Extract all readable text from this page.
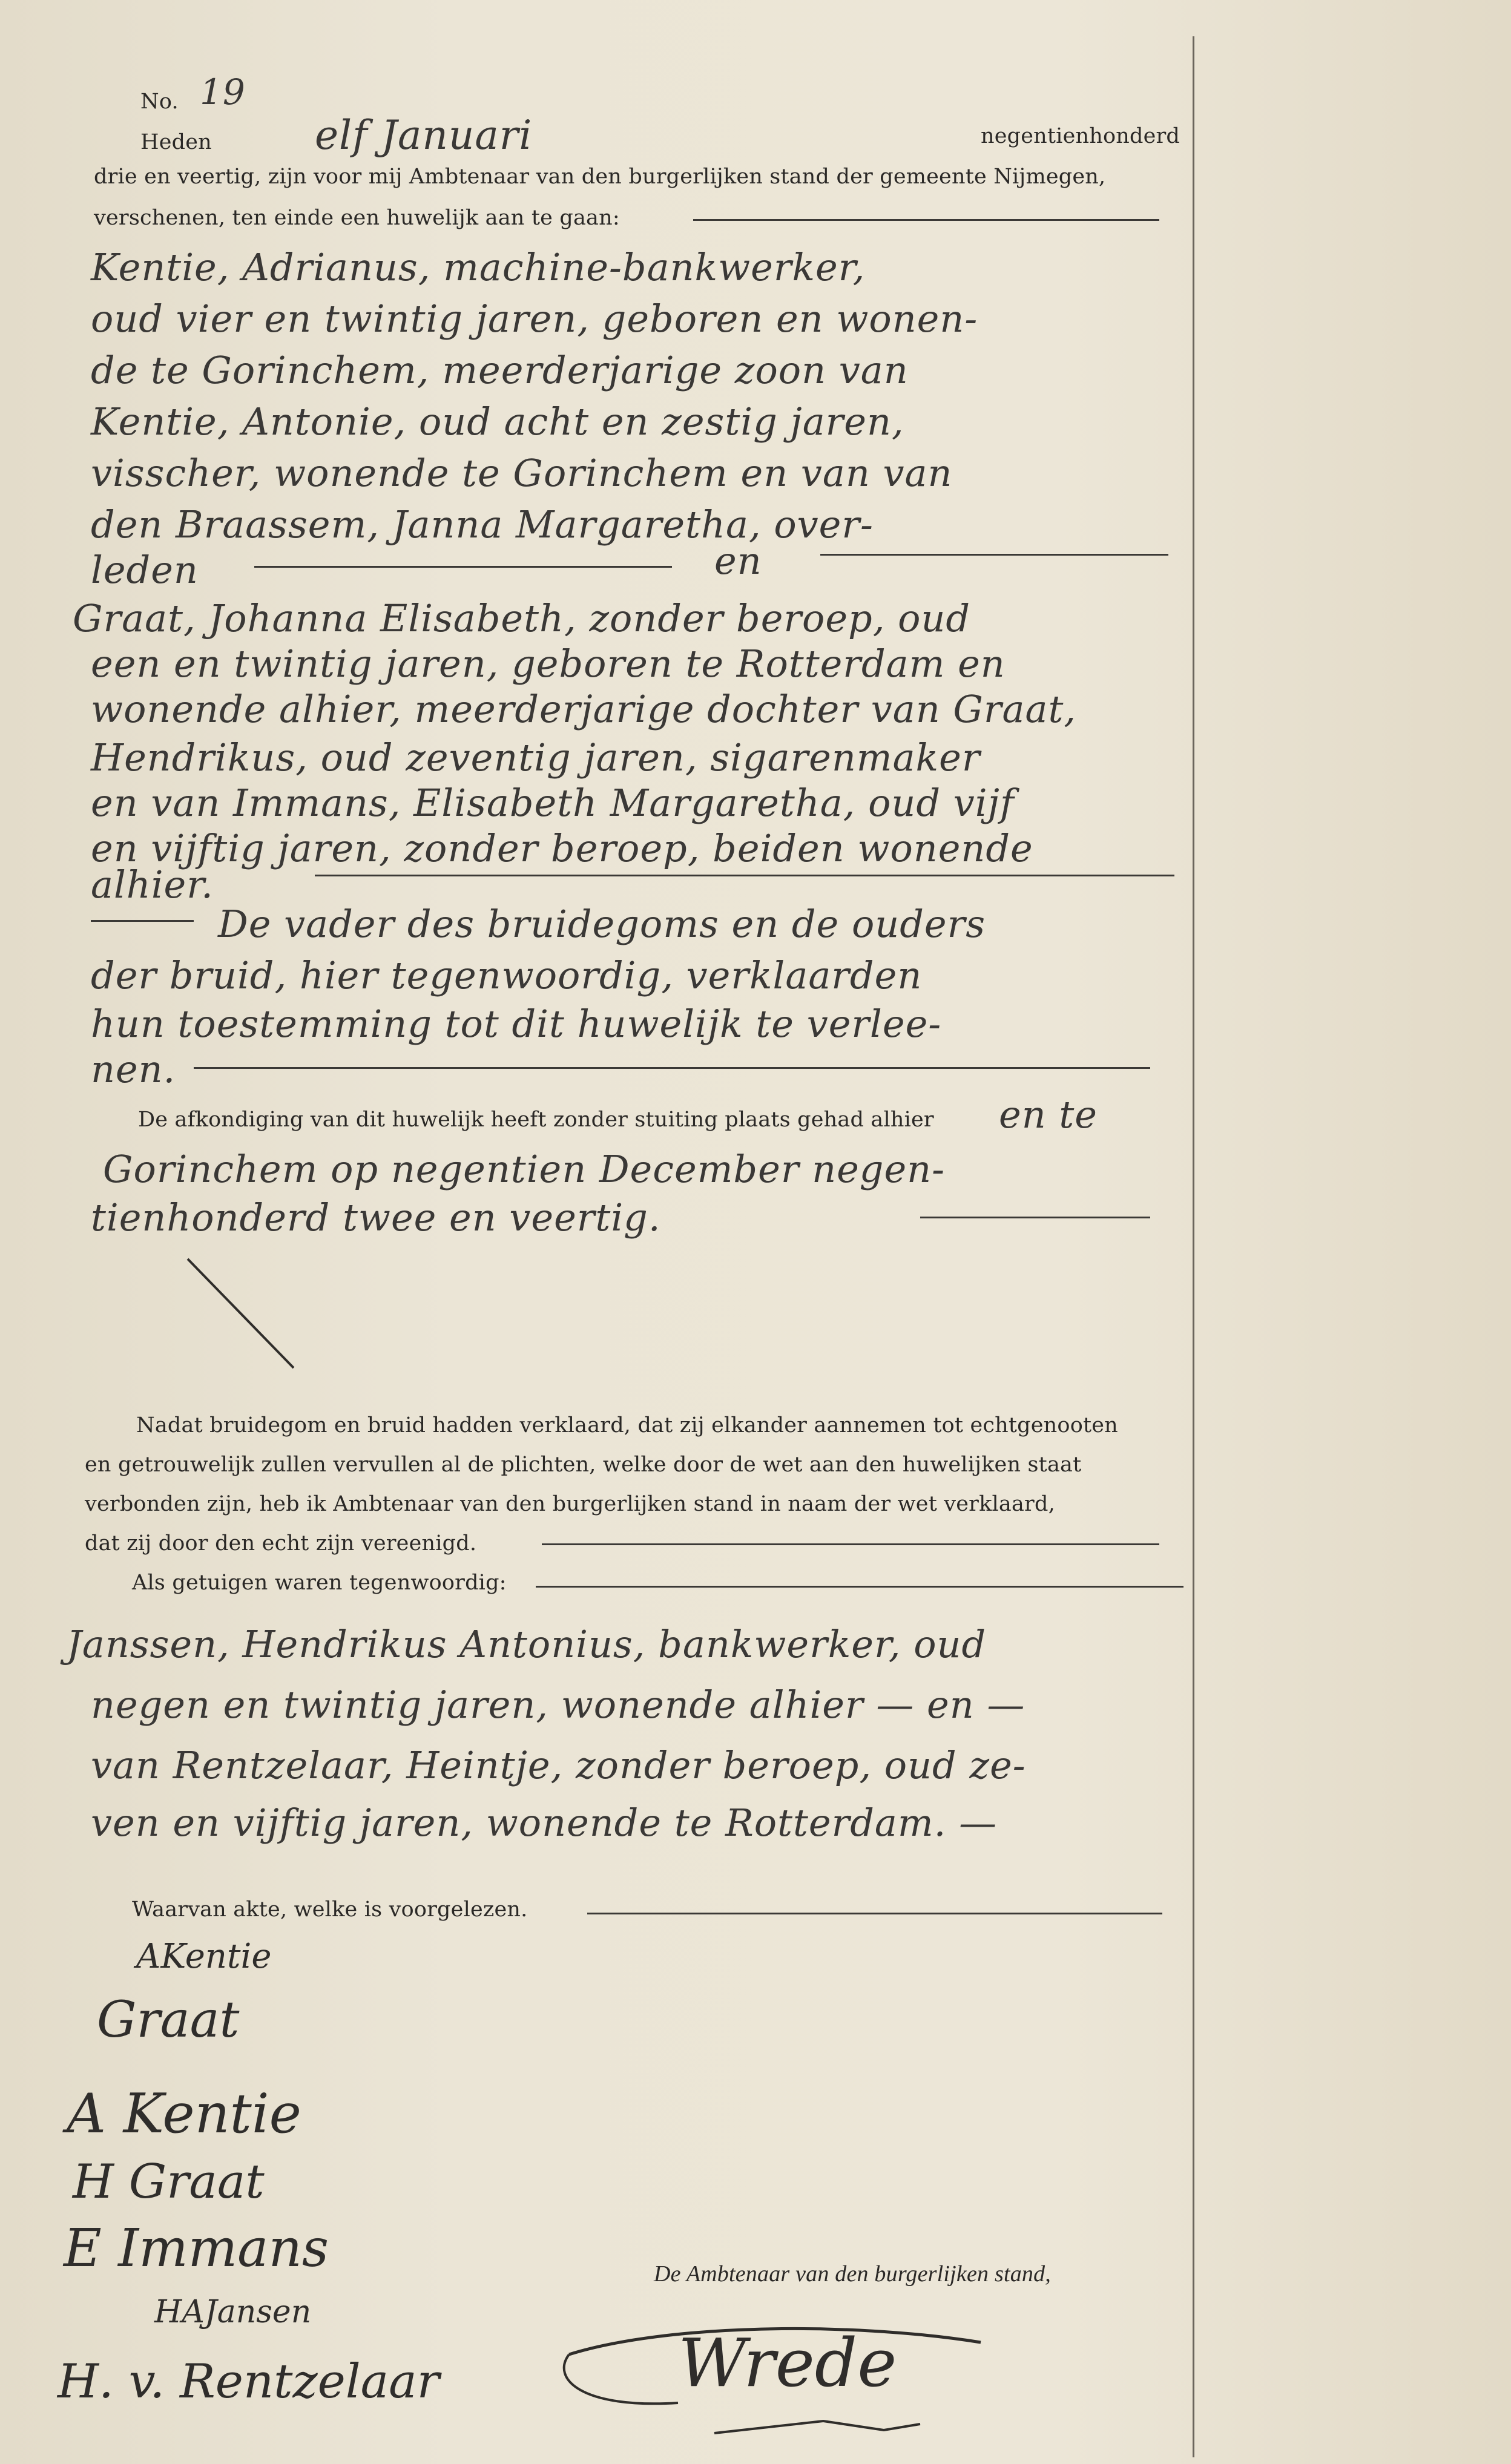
No. 19
Heden	elf Januari	negentienhonderd
drie en veertig, zijn voor mij Ambtenaar van den burgerlijken stand der gemeente Nijmegen,
verschenen, ten einde een huwelijk aan te gaan:
Kentie, Adrianus, machine-bankwerker,
oud vier en twintig jaren, geboren en wonen-
de te Gorinchem, meerderjarige zoon van
Kentie, Antonie, oud acht en zestig jaren,
visscher, wonende te Gorinchem en van van
den Braassem, Janna Margaretha, over-
leden	en
Graat, Johanna Elisabeth, zonder beroep, oud
een en twintig jaren, geboren te Rotterdam en
wonende alhier, meerderjarige dochter van Graat,
Hendrikus, oud zeventig jaren, sigarenmaker
en van Immans, Elisabeth Margaretha, oud vijf
en vijftig jaren, zonder beroep, beiden wonende
alhier.
De vader des bruidegoms en de ouders
der bruid, hier tegenwoordig, verklaarden
hun toestemming tot dit huwelijk te verlee-
nen.
De afkondiging van dit huwelijk heeft zonder stuiting plaats gehad alhier en te
Gorinchem op negentien December negen-
tienhonderd twee en veertig.
Nadat bruidegom en bruid hadden verklaard, dat zij elkander aannemen tot echtgenooten
en getrouwelijk zullen vervullen al de plichten, welke door de wet aan den huwelijken staat
verbonden zijn, heb ik Ambtenaar van den burgerlijken stand in naam der wet verklaard,
dat zij door den echt zijn vereenigd.
Als getuigen waren tegenwoordig:
Janssen, Hendrikus Antonius, bankwerker, oud
negen en twintig jaren, wonende alhier — en —
van Rentzelaar, Heintje, zonder beroep, oud ze-
ven en vijftig jaren, wonende te Rotterdam. —
Waarvan akte, welke is voorgelezen.
AKentie
Graat
A Kentie
H Graat
E Immans
HAJansen
H. v. Rentzelaar
De Ambtenaar van den burgerlijken stand,
Wrede
